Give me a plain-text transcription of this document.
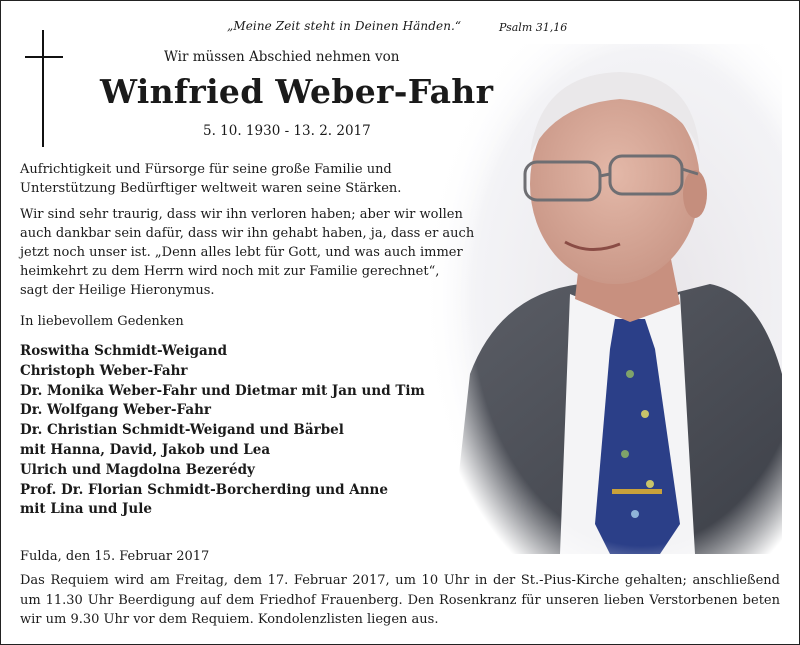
„Meine Zeit steht in Deinen Händen.“	Psalm 31,16
Wir müssen Abschied nehmen von
Winfried Weber-Fahr
5. 10. 1930 - 13. 2. 2017
Aufrichtigkeit und Fürsorge für seine große Familie und
Unterstützung Bedürftiger weltweit waren seine Stärken.
Wir sind sehr traurig, dass wir ihn verloren haben; aber wir wollen
auch dankbar sein dafür, dass wir ihn gehabt haben, ja, dass er auch
jetzt noch unser ist. „Denn alles lebt für Gott, und was auch immer
heimkehrt zu dem Herrn wird noch mit zur Familie gerechnet“,
sagt der Heilige Hieronymus.
In liebevollem Gedenken
Roswitha Schmidt-Weigand
Christoph Weber-Fahr
Dr. Monika Weber-Fahr und Dietmar mit Jan und Tim
Dr. Wolfgang Weber-Fahr
Dr. Christian Schmidt-Weigand und Bärbel
mit Hanna, David, Jakob und Lea
Ulrich und Magdolna Bezerédy
Prof. Dr. Florian Schmidt-Borcherding und Anne
mit Lina und Jule
Fulda, den 15. Februar 2017

Das Requiem wird am Freitag, dem 17. Februar 2017, um 10 Uhr in der St.-Pius-Kirche gehalten; anschließend um 11.30 Uhr Beerdigung auf dem Friedhof Frauenberg. Den Rosenkranz für unseren lieben Verstorbenen beten wir um 9.30 Uhr vor dem Requiem. Kondolenzlisten liegen aus.
